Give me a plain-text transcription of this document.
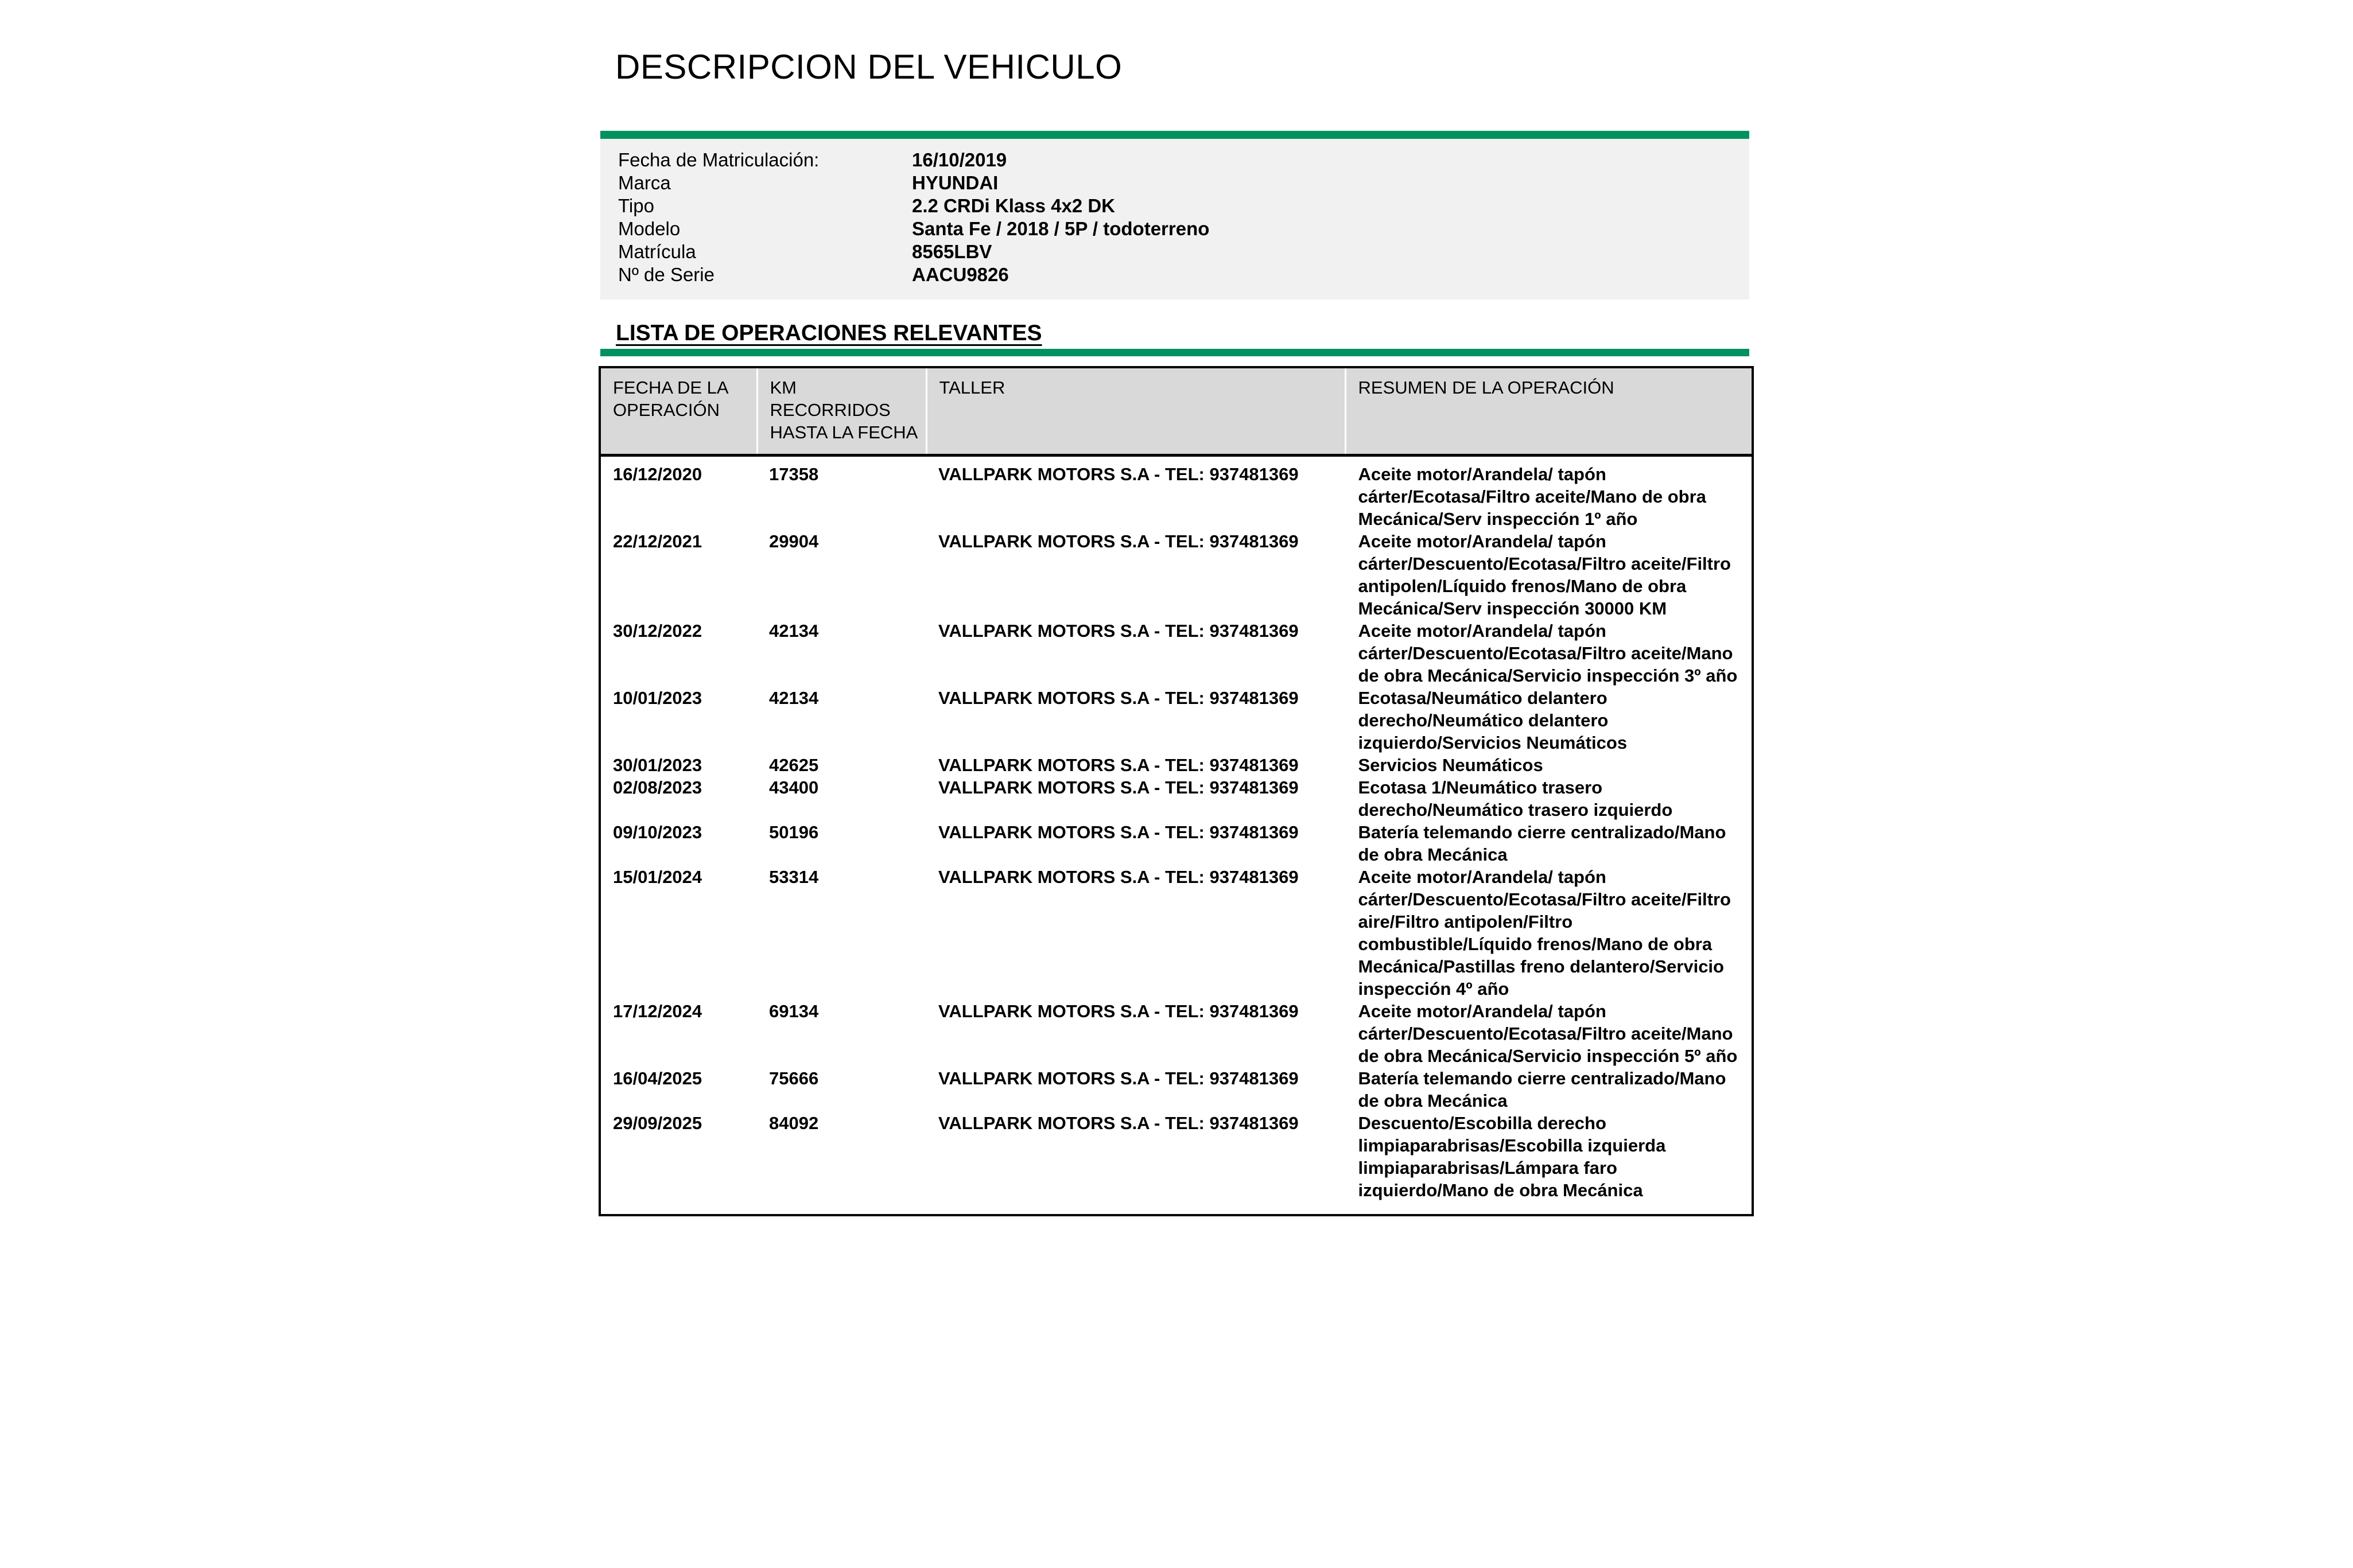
DESCRIPCION DEL VEHICULO
Fecha de Matriculación:	16/10/2019
Marca	HYUNDAI
Tipo	2.2 CRDi Klass 4x2 DK
Modelo	Santa Fe / 2018 / 5P / todoterreno
Matrícula	8565LBV
Nº de Serie	AACU9826
LISTA DE OPERACIONES RELEVANTES
FECHA DE LA OPERACIÓN	KM RECORRIDOS HASTA LA FECHA	TALLER	RESUMEN DE LA OPERACIÓN
16/12/2020	17358	VALLPARK MOTORS S.A - TEL: 937481369	Aceite motor/Arandela/ tapón cárter/Ecotasa/Filtro aceite/Mano de obra Mecánica/Serv inspección 1º año
22/12/2021	29904	VALLPARK MOTORS S.A - TEL: 937481369	Aceite motor/Arandela/ tapón cárter/Descuento/Ecotasa/Filtro aceite/Filtro antipolen/Líquido frenos/Mano de obra Mecánica/Serv inspección 30000 KM
30/12/2022	42134	VALLPARK MOTORS S.A - TEL: 937481369	Aceite motor/Arandela/ tapón cárter/Descuento/Ecotasa/Filtro aceite/Mano de obra Mecánica/Servicio inspección 3º año
10/01/2023	42134	VALLPARK MOTORS S.A - TEL: 937481369	Ecotasa/Neumático delantero derecho/Neumático delantero izquierdo/Servicios Neumáticos
30/01/2023	42625	VALLPARK MOTORS S.A - TEL: 937481369	Servicios Neumáticos
02/08/2023	43400	VALLPARK MOTORS S.A - TEL: 937481369	Ecotasa 1/Neumático trasero derecho/Neumático trasero izquierdo
09/10/2023	50196	VALLPARK MOTORS S.A - TEL: 937481369	Batería telemando cierre centralizado/Mano de obra Mecánica
15/01/2024	53314	VALLPARK MOTORS S.A - TEL: 937481369	Aceite motor/Arandela/ tapón cárter/Descuento/Ecotasa/Filtro aceite/Filtro aire/Filtro antipolen/Filtro combustible/Líquido frenos/Mano de obra Mecánica/Pastillas freno delantero/Servicio inspección 4º año
17/12/2024	69134	VALLPARK MOTORS S.A - TEL: 937481369	Aceite motor/Arandela/ tapón cárter/Descuento/Ecotasa/Filtro aceite/Mano de obra Mecánica/Servicio inspección 5º año
16/04/2025	75666	VALLPARK MOTORS S.A - TEL: 937481369	Batería telemando cierre centralizado/Mano de obra Mecánica
29/09/2025	84092	VALLPARK MOTORS S.A - TEL: 937481369	Descuento/Escobilla derecho limpiaparabrisas/Escobilla izquierda limpiaparabrisas/Lámpara faro izquierdo/Mano de obra Mecánica
